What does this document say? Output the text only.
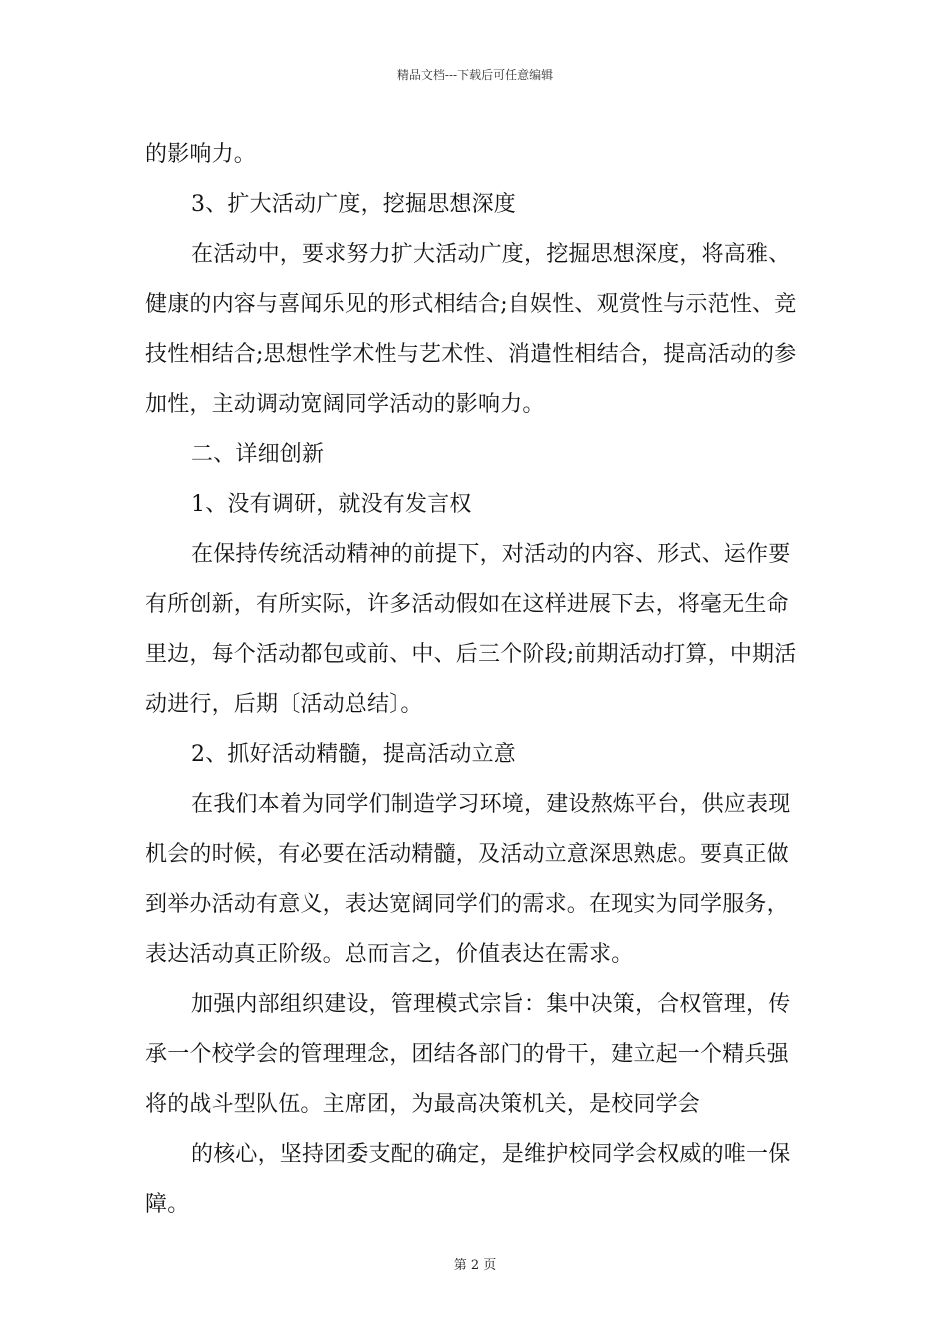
精品文档---下载后可任意编辑
的影响力。
3、扩大活动广度，挖掘思想深度
在活动中，要求努力扩大活动广度，挖掘思想深度，将高雅、
健康的内容与喜闻乐见的形式相结合;自娱性、观赏性与示范性、竞
技性相结合;思想性学术性与艺术性、消遣性相结合，提高活动的参
加性，主动调动宽阔同学活动的影响力。
二、详细创新
1、没有调研，就没有发言权
在保持传统活动精神的前提下，对活动的内容、形式、运作要
有所创新，有所实际，许多活动假如在这样进展下去，将毫无生命
里边，每个活动都包或前、中、后三个阶段;前期活动打算，中期活
动进行，后期〔活动总结〕。
2、抓好活动精髓，提高活动立意
在我们本着为同学们制造学习环境，建设熬炼平台，供应表现
机会的时候，有必要在活动精髓，及活动立意深思熟虑。要真正做
到举办活动有意义，表达宽阔同学们的需求。在现实为同学服务，
表达活动真正阶级。总而言之，价值表达在需求。
加强内部组织建设，管理模式宗旨：集中决策，合权管理，传
承一个校学会的管理理念，团结各部门的骨干，建立起一个精兵强
将的战斗型队伍。主席团，为最高决策机关，是校同学会
的核心，坚持团委支配的确定，是维护校同学会权威的唯一保
障。
第 2 页
